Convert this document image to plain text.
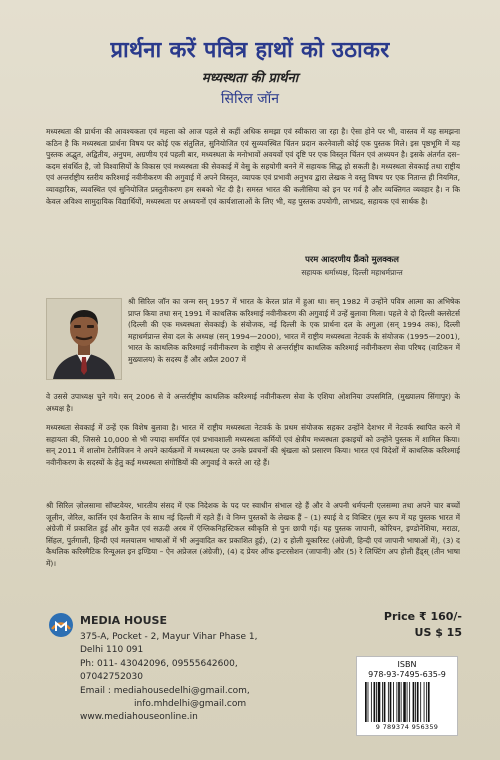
प्रार्थना करें पवित्र हाथों को उठाकर
मध्यस्थता की प्रार्थना
सिरिल जॉन

मध्यस्थता की प्रार्थना की आवश्यकता एवं महत्ता को आज पहले से कहीं अधिक समझा एवं स्वीकारा जा रहा है। ऐसा होने पर भी, वास्तव में यह समझना कठिन है कि मध्यस्थता प्रार्थना विषय पर कोई एक संतुलित, सुनियोजित एवं सुव्यवस्थित चिंतन प्रदान करनेवाली कोई एक पुस्तक मिले। इस पृष्ठभूमि में यह पुस्तक अद्भुत, अद्वितीय, अनुपम, अग्रणीय एवं पहली बार, मध्यस्थता के मनोभावों अवयवों एवं दृष्टि पर एक विस्तृत चिंतन एवं अध्ययन है। इसके अंतर्गत दस–कदम संवर्धित है, जो विश्वासियों के विकास एवं मध्यस्थता की सेवकाई में वेसु के सहयोगी बनने में सहायक सिद्ध हो सकती है। मध्यस्थता सेवकाई तथा राष्ट्रीय एवं अन्तर्राष्ट्रीय स्तरीय करिश्माई नवीनीकरण की अगुवाई में अपने विस्तृत, व्यापक एवं प्रभावी अनुभव द्वारा लेखक ने वस्तु विषय पर एक नितान्त ही नियमित, व्यावहारिक, व्यवस्थित एवं सुनियोजित प्रस्तुतीकरण हम सबको भेंट दी है। समस्त भारत की कलीसिया को इन पर गर्व है और व्यक्तिगत व्यवहार है। न कि केवल अविश्व सामुदायिक विद्यार्थियों, मध्यस्थता पर अध्ययनों एवं कार्यशालाओं के लिए भी, यह पुस्तक उपयोगी, लाभप्रद, सहायक एवं सार्थक है।

परम आदरणीय फ्रैंको मुलक्कल
सहायक धर्माध्यक्ष, दिल्ली महाधर्मप्रान्त

श्री सिरिल जॉन का जन्म सन् 1957 में भारत के केरल प्रांत में हुआ था। सन् 1982 में उन्होंने पवित्र आत्मा का अभिषेक प्राप्त किया तथा सन् 1991 में काथलिक करिश्माई नवीनीकरण की अगुवाई में उन्हें बुलावा मिला। पहले वे दो दिल्ली क्लसेटर्स (दिल्ली की एक मध्यस्थता सेवकाई) के संयोजक, नई दिल्ली के एक प्रार्थना दल के अगुआ (सन् 1994 तक), दिल्ली महाधर्मप्रान्त सेवा दल के अध्यक्ष (सन् 1994—2000), भारत में राष्ट्रीय मध्यस्थता नेटवर्क के संयोजक (1995—2001), भारत के काथलिक करिश्माई नवीनीकरण के राष्ट्रीय से अन्तर्राष्ट्रीय काथलिक करिश्माई नवीनीकरण सेवा परिषद (वाटिकन में मुख्यालय) के सदस्य हैं और अप्रैल 2007 में

वे उससे उपाध्यक्ष चुने गये। सन् 2006 से वे अन्तर्राष्ट्रीय काथलिक करिश्माई नवीनीकरण सेवा के एशिया ओशनिया उपसमिति, (मुख्यालय सिंगापुर) के अध्यक्ष है।

मध्यस्थता सेवकाई में उन्हें एक विशेष बुलावा है। भारत में राष्ट्रीय मध्यस्थता नेटवर्क के प्रथम संयोजक सहकर उन्होंने देशभर में नेटवर्क स्थापित करने में सहायता की, जिससे 10,000 से भी ज्यादा समर्पित एवं प्रभावशाली मध्यस्थता कर्मियों एवं क्षेत्रीय मध्यस्थता इकाइयों को उन्होंने पुस्तक में शामिल किया। सन् 2011 में शालोम टेलीविजन ने अपने कार्यक्रमों में मध्यस्थता पर उनके प्रवचनों की श्रृंखला को प्रसारण किया। भारत एवं विदेशों में काथलिक करिश्माई नवीनीकरण के सदस्यों के हेतु कई मध्यस्थता संगोष्ठियों की अगुवाई वे करते आ रहे हैं।

श्री सिरिल ज़ोलसामा सॉफ्टवेयर, भारतीय संसद में एक निदेशक के पद पर स्वाधीन संभाल रहे हैं और वे अपनी धर्मपत्नी एलसम्मा तथा अपने चार बच्चों जूलीन, जेरिल, कार्लिन एवं कैरालिन के साथ नई दिल्ली में रहते हैं। वे निम्न पुस्तकों के लेखक हैं – (1) स्पाई वे द विक्टिर (मूल रूप में यह पुस्तक भारत में अंग्रेजी में प्रकाशित हुई और कुवैत एवं सऊदी अरब में एंग्लिकनिहस्टिकल स्वीकृति से पुनः छापी गई। यह पुस्तक जापानी, कोरियन, इण्डोनेशिया, मराठा, सिंहल, पुर्तगाली, हिन्दी एवं मलयालम भाषाओं में भी अनुवादित कर प्रकाशित हुई), (2) द होली यूकारिस्ट (अंग्रेजी, हिन्दी एवं जापानी भाषाओं में), (3) द कैथलिक करिस्मैटिक रिन्यूअल इन इण्डिया – ऐन अप्रेजल (अंग्रेजी), (4) द प्रेयर ऑफ इन्टरसेशन (जापानी) और (5) रे लिफ्टिंग अप होली हैंड्स् (तीन भाषा में)।

MEDIA HOUSE
375-A, Pocket - 2, Mayur Vihar Phase 1,
Delhi 110 091
Ph: 011- 43042096, 09555642600,
07042752030
Email : mediahousedelhi@gmail.com,
info.mhdelhi@gmail.com
www.mediahouseonline.in
Price ₹ 160/-
US $ 15
ISBN
978-93-7495-635-9
9 789374 956359
